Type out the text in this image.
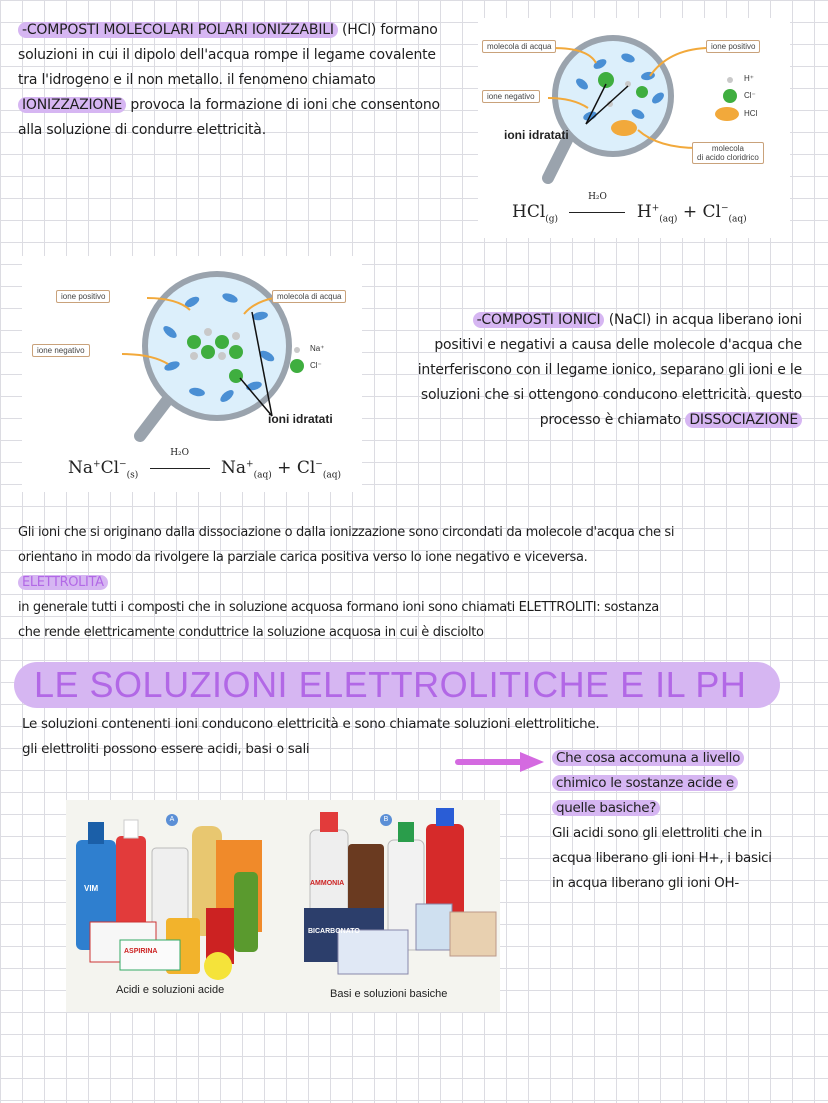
-COMPOSTI MOLECOLARI POLARI IONIZZABILI (HCl) formano
soluzioni in cui il dipolo dell'acqua rompe il legame covalente
tra l'idrogeno e il non metallo. il fenomeno chiamato
IONIZZAZIONE provoca la formazione di ioni che consentono
alla soluzione di condurre elettricità.
molecola di acqua	ione positivo
ione negativo
ioni idratati
H⁺
Cl⁻
HCl
molecola
di acido cloridrico
HCl$_{(g)}$
H₂O
$H^+_{(aq)} + Cl^-_{(aq)}$
ione positivo	molecola di acqua
ione negativo	Na⁺
Cl⁻
ioni idratati
$Na^+Cl^-_{(s)}$
H₂O
$Na^+_{(aq)} + Cl^-_{(aq)}$
-COMPOSTI IONICI (NaCl) in acqua liberano ioni
positivi e negativi a causa delle molecole d'acqua che
interferiscono con il legame ionico, separano gli ioni e le
soluzioni che si ottengono conducono elettricità. questo
processo è chiamato DISSOCIAZIONE
Gli ioni che si originano dalla dissociazione o dalla ionizzazione sono circondati da molecole d'acqua che si
orientano in modo da rivolgere la parziale carica positiva verso lo ione negativo e viceversa.
ELETTROLITA
in generale tutti i composti che in soluzione acquosa formano ioni sono chiamati ELETTROLITI: sostanza
che rende elettricamente conduttrice la soluzione acquosa in cui è disciolto
LE SOLUZIONI ELETTROLITICHE E IL PH
Le soluzioni contenenti ioni conducono elettricità e sono chiamate soluzioni elettrolitiche.
gli elettroliti possono essere acidi, basi o sali
Che cosa accomuna a livello
chimico le sostanze acide e
quelle basiche?
Gli acidi sono gli elettroliti che in
acqua liberano gli ioni H+, i basici
in acqua liberano gli ioni OH-
A	B
VIM
AMMONIA
BICARBONATO
ASPIRINA
Acidi e soluzioni acide	Basi e soluzioni basiche
